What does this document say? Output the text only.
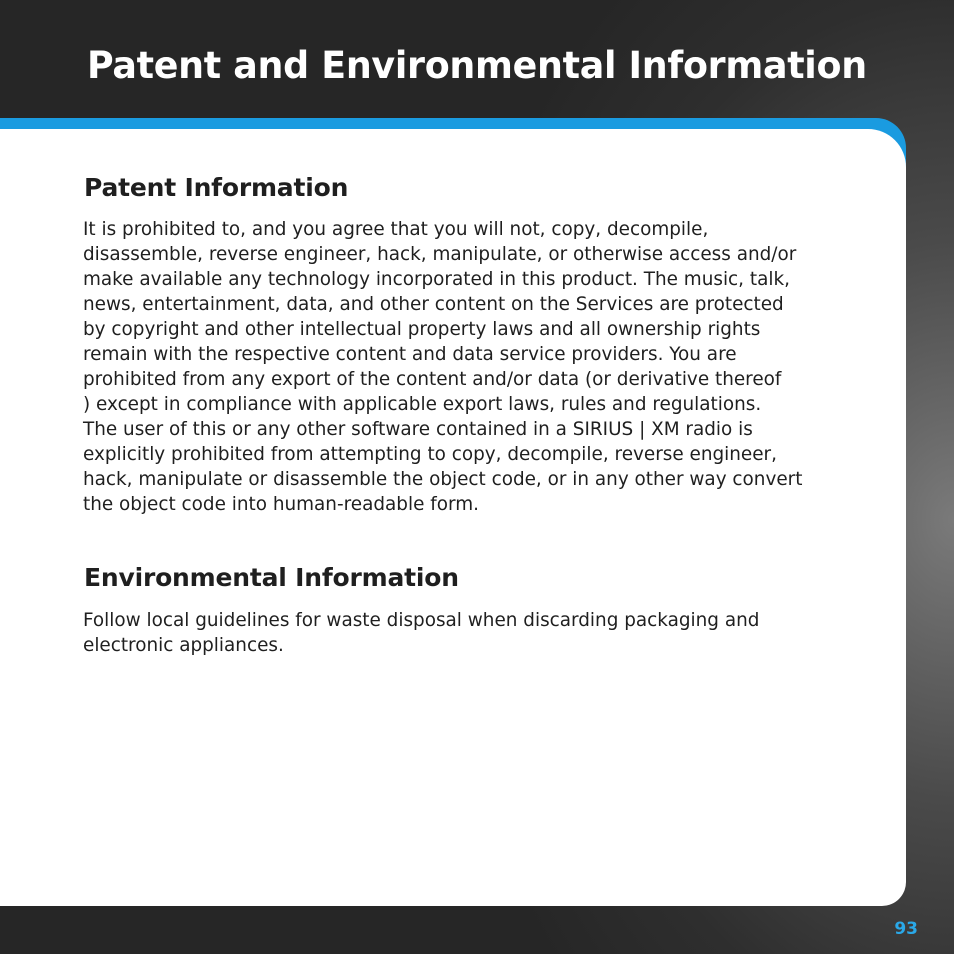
Patent and Environmental Information
Patent Information
It is prohibited to, and you agree that you will not, copy, decompile,
disassemble, reverse engineer, hack, manipulate, or otherwise access and/or
make available any technology incorporated in this product. The music, talk,
news, entertainment, data, and other content on the Services are protected
by copyright and other intellectual property laws and all ownership rights
remain with the respective content and data service providers. You are
prohibited from any export of the content and/or data (or derivative thereof
) except in compliance with applicable export laws, rules and regulations.
The user of this or any other software contained in a SIRIUS | XM radio is
explicitly prohibited from attempting to copy, decompile, reverse engineer,
hack, manipulate or disassemble the object code, or in any other way convert
the object code into human-readable form.
Environmental Information
Follow local guidelines for waste disposal when discarding packaging and
electronic appliances.
93
